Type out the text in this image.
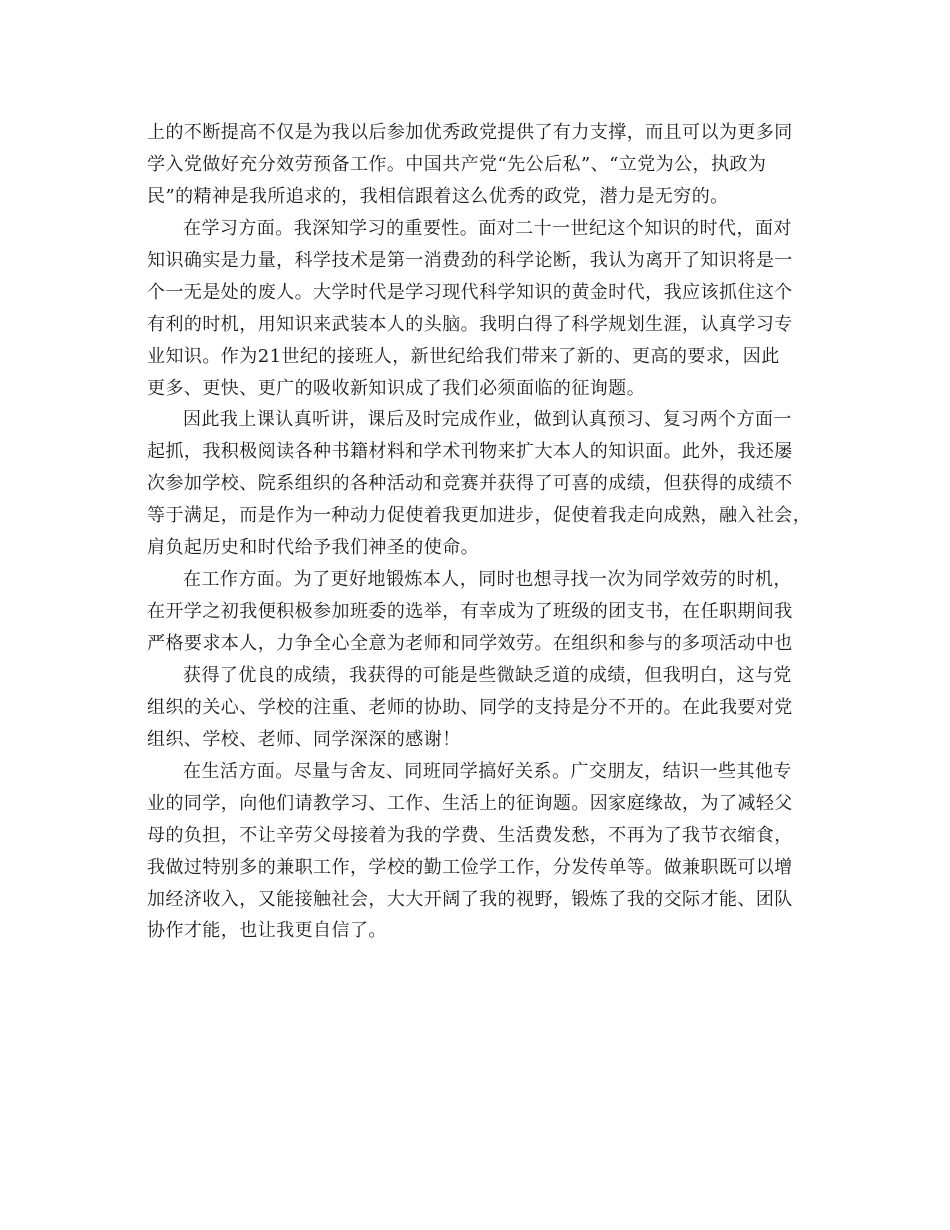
上的不断提高不仅是为我以后参加优秀政党提供了有力支撑，而且可以为更多同
学入党做好充分效劳预备工作。中国共产党“先公后私”、“立党为公，执政为
民”的精神是我所追求的，我相信跟着这么优秀的政党，潜力是无穷的。
在学习方面。我深知学习的重要性。面对二十一世纪这个知识的时代，面对
知识确实是力量，科学技术是第一消费劲的科学论断，我认为离开了知识将是一
个一无是处的废人。大学时代是学习现代科学知识的黄金时代，我应该抓住这个
有利的时机，用知识来武装本人的头脑。我明白得了科学规划生涯，认真学习专
业知识。作为21世纪的接班人，新世纪给我们带来了新的、更高的要求，因此
更多、更快、更广的吸收新知识成了我们必须面临的征询题。
因此我上课认真听讲，课后及时完成作业，做到认真预习、复习两个方面一
起抓，我积极阅读各种书籍材料和学术刊物来扩大本人的知识面。此外，我还屡
次参加学校、院系组织的各种活动和竞赛并获得了可喜的成绩，但获得的成绩不
等于满足，而是作为一种动力促使着我更加进步，促使着我走向成熟，融入社会，
肩负起历史和时代给予我们神圣的使命。
在工作方面。为了更好地锻炼本人，同时也想寻找一次为同学效劳的时机，
在开学之初我便积极参加班委的选举，有幸成为了班级的团支书，在任职期间我
严格要求本人，力争全心全意为老师和同学效劳。在组织和参与的多项活动中也
获得了优良的成绩，我获得的可能是些微缺乏道的成绩，但我明白，这与党
组织的关心、学校的注重、老师的协助、同学的支持是分不开的。在此我要对党
组织、学校、老师、同学深深的感谢！
在生活方面。尽量与舍友、同班同学搞好关系。广交朋友，结识一些其他专
业的同学，向他们请教学习、工作、生活上的征询题。因家庭缘故，为了减轻父
母的负担，不让辛劳父母接着为我的学费、生活费发愁，不再为了我节衣缩食，
我做过特别多的兼职工作，学校的勤工俭学工作，分发传单等。做兼职既可以增
加经济收入，又能接触社会，大大开阔了我的视野，锻炼了我的交际才能、团队
协作才能，也让我更自信了。
